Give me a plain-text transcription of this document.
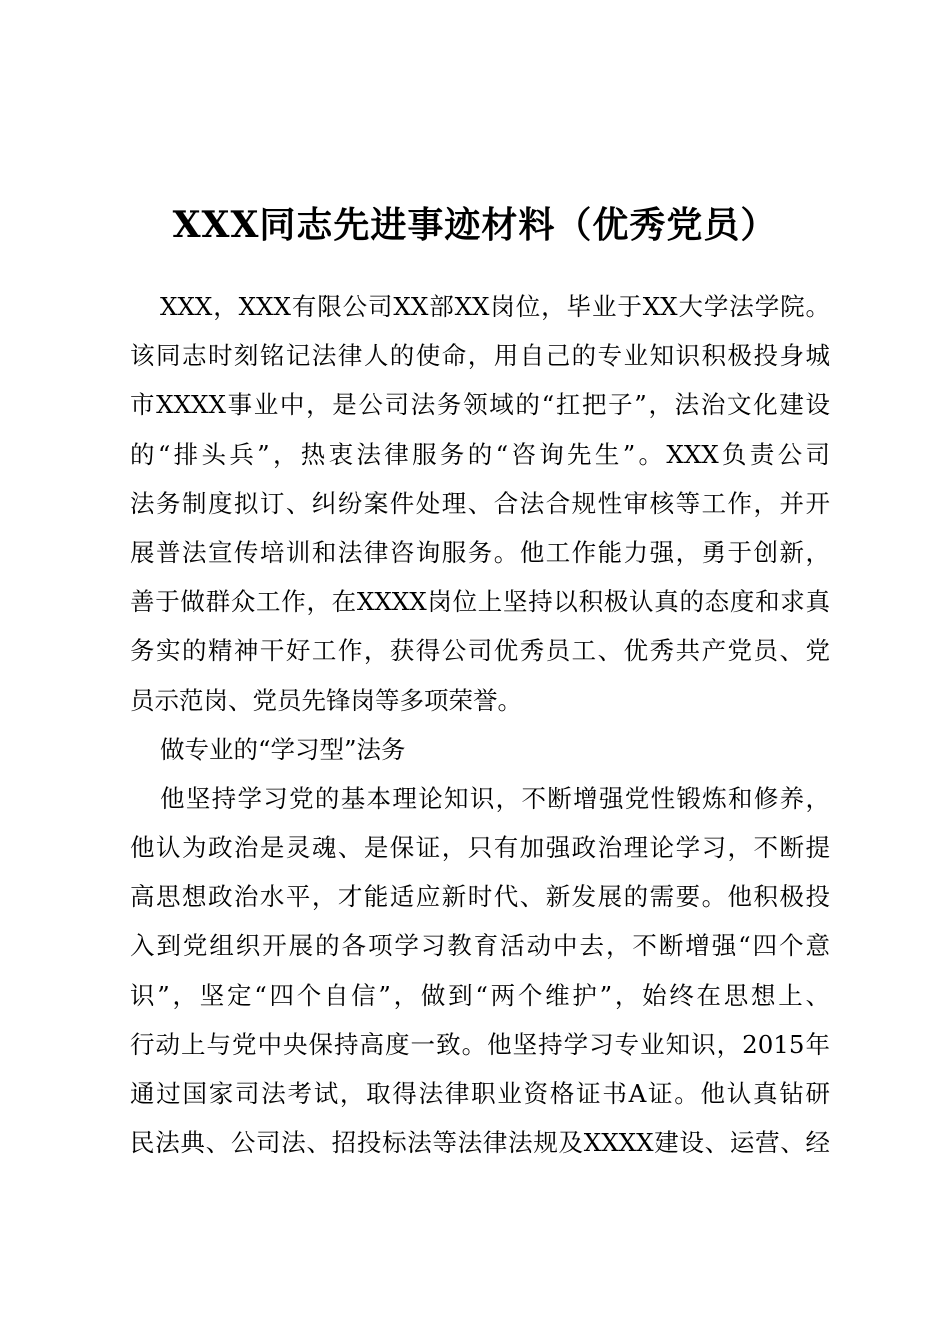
XXX同志先进事迹材料（优秀党员）
XXX，XXX有限公司XX部XX岗位，毕业于XX大学法学院。
该同志时刻铭记法律人的使命，用自己的专业知识积极投身城
市XXXX事业中，是公司法务领域的“扛把子”，法治文化建设
的“排头兵”，热衷法律服务的“咨询先生”。XXX负责公司
法务制度拟订、纠纷案件处理、合法合规性审核等工作，并开
展普法宣传培训和法律咨询服务。他工作能力强，勇于创新，
善于做群众工作，在XXXX岗位上坚持以积极认真的态度和求真
务实的精神干好工作，获得公司优秀员工、优秀共产党员、党
员示范岗、党员先锋岗等多项荣誉。
做专业的“学习型”法务
他坚持学习党的基本理论知识，不断增强党性锻炼和修养，
他认为政治是灵魂、是保证，只有加强政治理论学习，不断提
高思想政治水平，才能适应新时代、新发展的需要。他积极投
入到党组织开展的各项学习教育活动中去，不断增强“四个意
识”，坚定“四个自信”，做到“两个维护”，始终在思想上、
行动上与党中央保持高度一致。他坚持学习专业知识，2015年
通过国家司法考试，取得法律职业资格证书A证。他认真钻研
民法典、公司法、招投标法等法律法规及XXXX建设、运营、经
